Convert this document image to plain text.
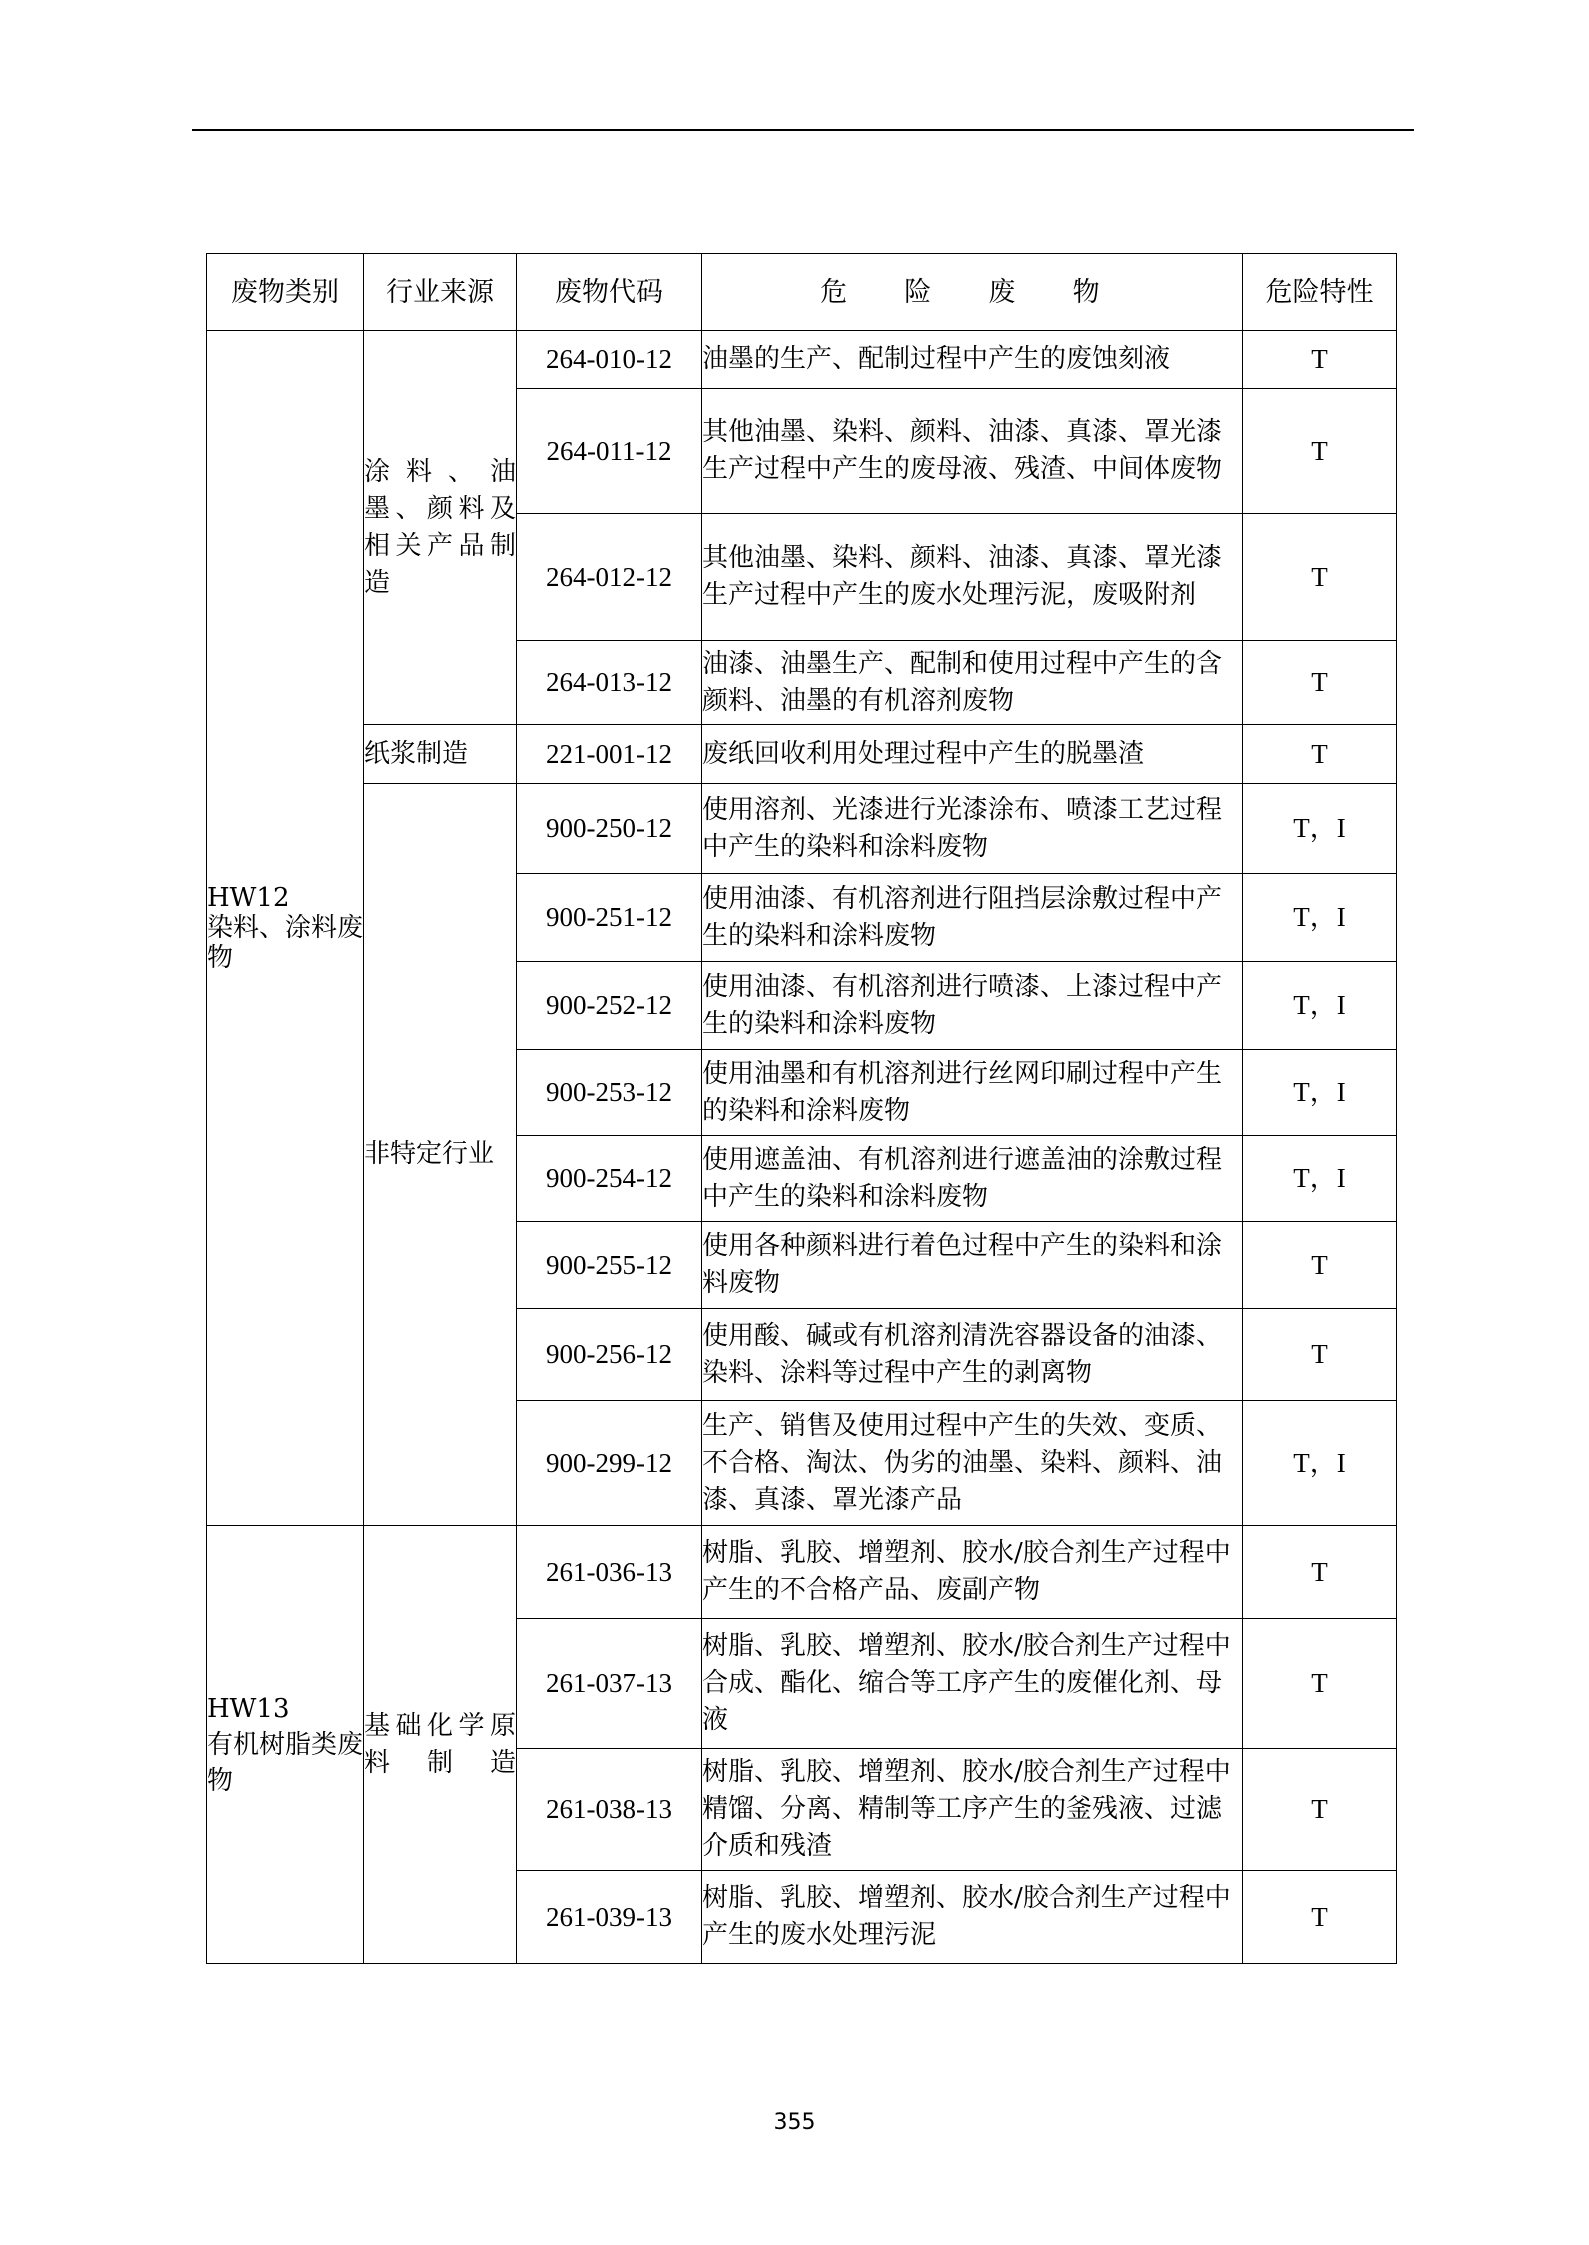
废物类别	行业来源	废物代码	危 险 废 物	危险特性

HW12
染料、涂料废物	涂料、油墨、颜料及相关产品制造	264-010-12	油墨的生产、配制过程中产生的废蚀刻液	T
		264-011-12	其他油墨、染料、颜料、油漆、真漆、罩光漆生产过程中产生的废母液、残渣、中间体废物	T
		264-012-12	其他油墨、染料、颜料、油漆、真漆、罩光漆生产过程中产生的废水处理污泥，废吸附剂	T
		264-013-12	油漆、油墨生产、配制和使用过程中产生的含颜料、油墨的有机溶剂废物	T
	纸浆制造	221-001-12	废纸回收利用处理过程中产生的脱墨渣	T
	非特定行业	900-250-12	使用溶剂、光漆进行光漆涂布、喷漆工艺过程中产生的染料和涂料废物	T，I
		900-251-12	使用油漆、有机溶剂进行阻挡层涂敷过程中产生的染料和涂料废物	T，I
		900-252-12	使用油漆、有机溶剂进行喷漆、上漆过程中产生的染料和涂料废物	T，I
		900-253-12	使用油墨和有机溶剂进行丝网印刷过程中产生的染料和涂料废物	T，I
		900-254-12	使用遮盖油、有机溶剂进行遮盖油的涂敷过程中产生的染料和涂料废物	T，I
		900-255-12	使用各种颜料进行着色过程中产生的染料和涂料废物	T
		900-256-12	使用酸、碱或有机溶剂清洗容器设备的油漆、染料、涂料等过程中产生的剥离物	T
		900-299-12	生产、销售及使用过程中产生的失效、变质、不合格、淘汰、伪劣的油墨、染料、颜料、油漆、真漆、罩光漆产品	T，I

HW13
有机树脂类废物	基础化学原料制造	261-036-13	树脂、乳胶、增塑剂、胶水/胶合剂生产过程中产生的不合格产品、废副产物	T
		261-037-13	树脂、乳胶、增塑剂、胶水/胶合剂生产过程中合成、酯化、缩合等工序产生的废催化剂、母液	T
		261-038-13	树脂、乳胶、增塑剂、胶水/胶合剂生产过程中精馏、分离、精制等工序产生的釜残液、过滤介质和残渣	T
		261-039-13	树脂、乳胶、增塑剂、胶水/胶合剂生产过程中产生的废水处理污泥	T
355
